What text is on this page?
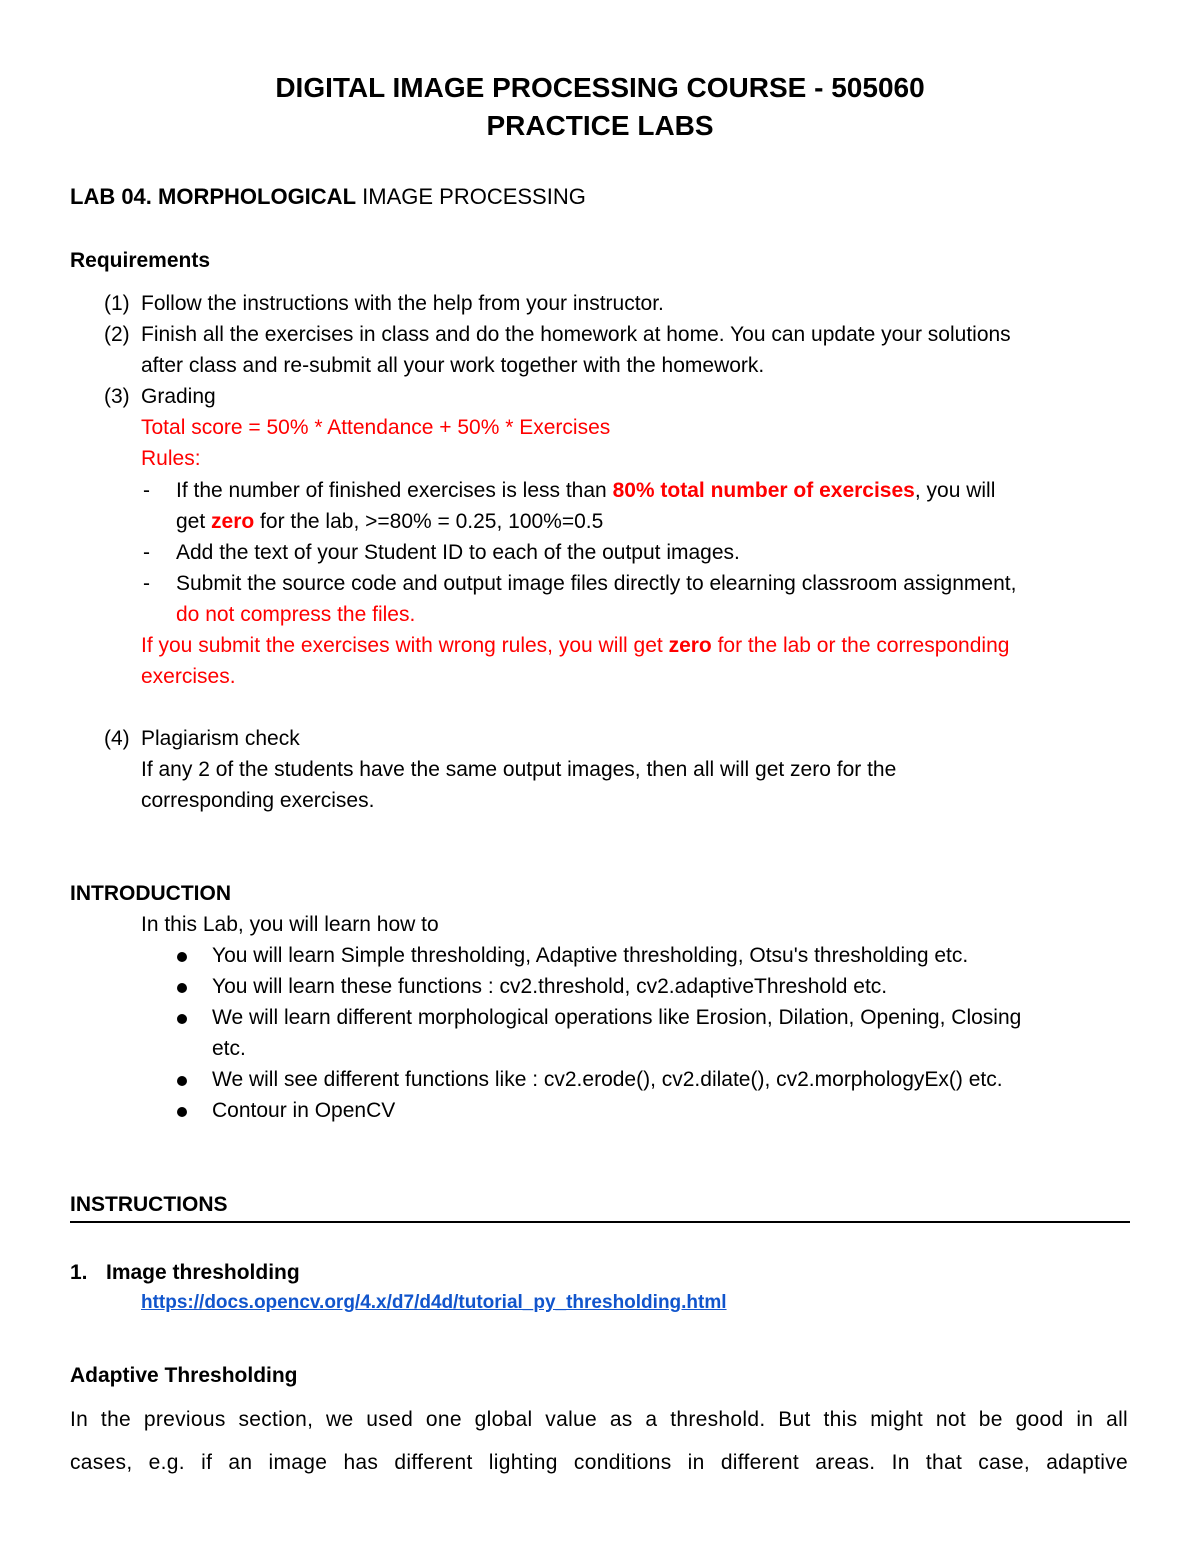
DIGITAL IMAGE PROCESSING COURSE - 505060
PRACTICE LABS
LAB 04. MORPHOLOGICAL IMAGE PROCESSING
Requirements
(1) Follow the instructions with the help from your instructor.
(2) Finish all the exercises in class and do the homework at home. You can update your solutions
after class and re-submit all your work together with the homework.
(3) Grading
Total score = 50% * Attendance + 50% * Exercises
Rules:
- If the number of finished exercises is less than 80% total number of exercises, you will
get zero for the lab, >=80% = 0.25, 100%=0.5
- Add the text of your Student ID to each of the output images.
- Submit the source code and output image files directly to elearning classroom assignment,
do not compress the files.
If you submit the exercises with wrong rules, you will get zero for the lab or the corresponding
exercises.
(4) Plagiarism check
If any 2 of the students have the same output images, then all will get zero for the
corresponding exercises.
INTRODUCTION
In this Lab, you will learn how to
You will learn Simple thresholding, Adaptive thresholding, Otsu's thresholding etc.
You will learn these functions : cv2.threshold, cv2.adaptiveThreshold etc.
We will learn different morphological operations like Erosion, Dilation, Opening, Closing
etc.
We will see different functions like : cv2.erode(), cv2.dilate(), cv2.morphologyEx() etc.
Contour in OpenCV
INSTRUCTIONS
1. Image thresholding
https://docs.opencv.org/4.x/d7/d4d/tutorial_py_thresholding.html
Adaptive Thresholding
In the previous section, we used one global value as a threshold. But this might not be good in all
cases, e.g. if an image has different lighting conditions in different areas. In that case, adaptive
